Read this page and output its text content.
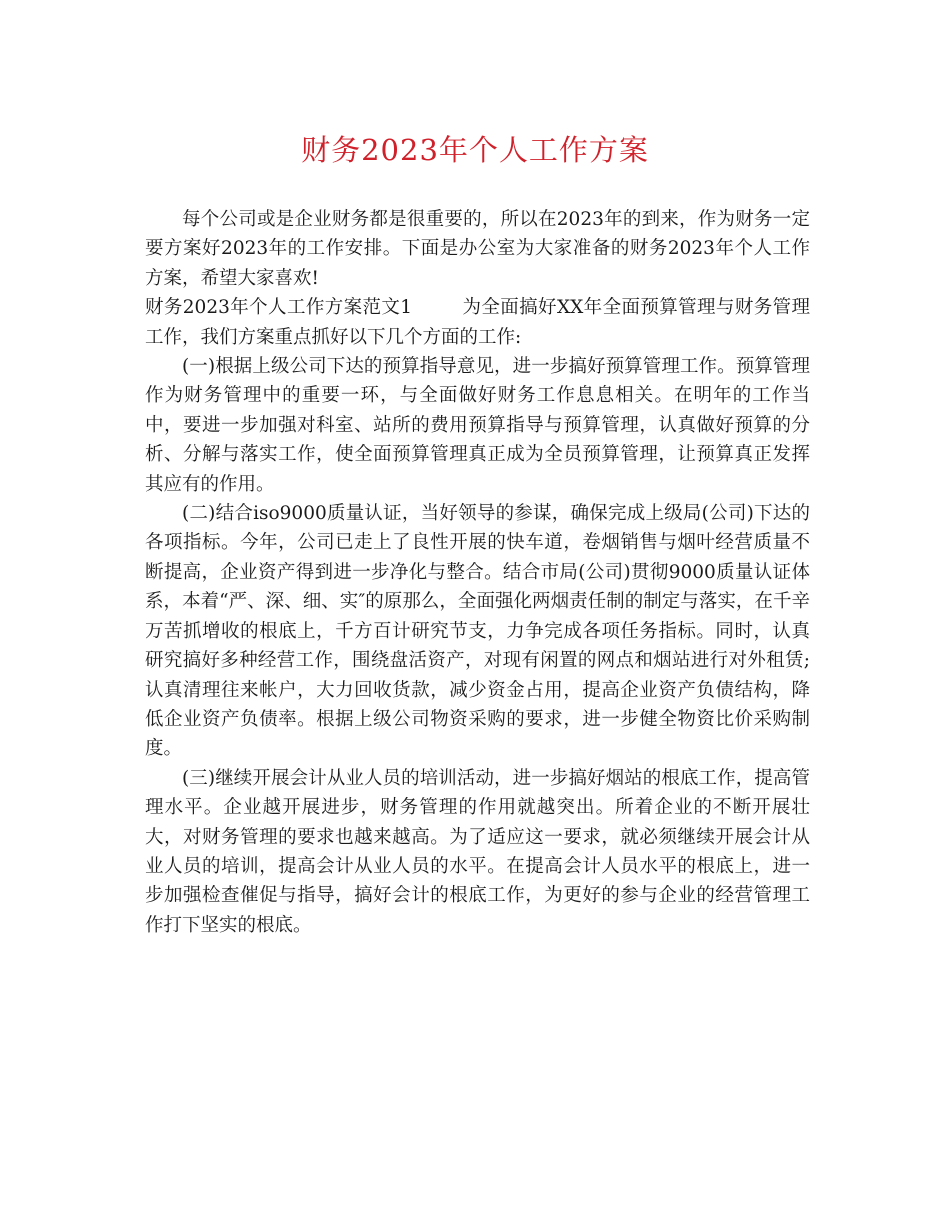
财务2023年个人工作方案

每个公司或是企业财务都是很重要的，所以在2023年的到来，作为财务一定要方案好2023年的工作安排。下面是办公室为大家准备的财务2023年个人工作方案，希望大家喜欢!

财务2023年个人工作方案范文1	为全面搞好XX年全面预算管理与财务管理工作，我们方案重点抓好以下几个方面的工作:

(一)根据上级公司下达的预算指导意见，进一步搞好预算管理工作。预算管理作为财务管理中的重要一环，与全面做好财务工作息息相关。在明年的工作当中，要进一步加强对科室、站所的费用预算指导与预算管理，认真做好预算的分析、分解与落实工作，使全面预算管理真正成为全员预算管理，让预算真正发挥其应有的作用。

(二)结合iso9000质量认证，当好领导的参谋，确保完成上级局(公司)下达的各项指标。今年，公司已走上了良性开展的快车道，卷烟销售与烟叶经营质量不断提高，企业资产得到进一步净化与整合。结合市局(公司)贯彻9000质量认证体系，本着“严、深、细、实″的原那么，全面强化两烟责任制的制定与落实，在千辛万苦抓增收的根底上，千方百计研究节支，力争完成各项任务指标。同时，认真研究搞好多种经营工作，围绕盘活资产，对现有闲置的网点和烟站进行对外租赁;认真清理往来帐户，大力回收货款，减少资金占用，提高企业资产负债结构，降低企业资产负债率。根据上级公司物资采购的要求，进一步健全物资比价采购制度。

(三)继续开展会计从业人员的培训活动，进一步搞好烟站的根底工作，提高管理水平。企业越开展进步，财务管理的作用就越突出。所着企业的不断开展壮大，对财务管理的要求也越来越高。为了适应这一要求，就必须继续开展会计从业人员的培训，提高会计从业人员的水平。在提高会计人员水平的根底上，进一步加强检查催促与指导，搞好会计的根底工作，为更好的参与企业的经营管理工作打下坚实的根底。
